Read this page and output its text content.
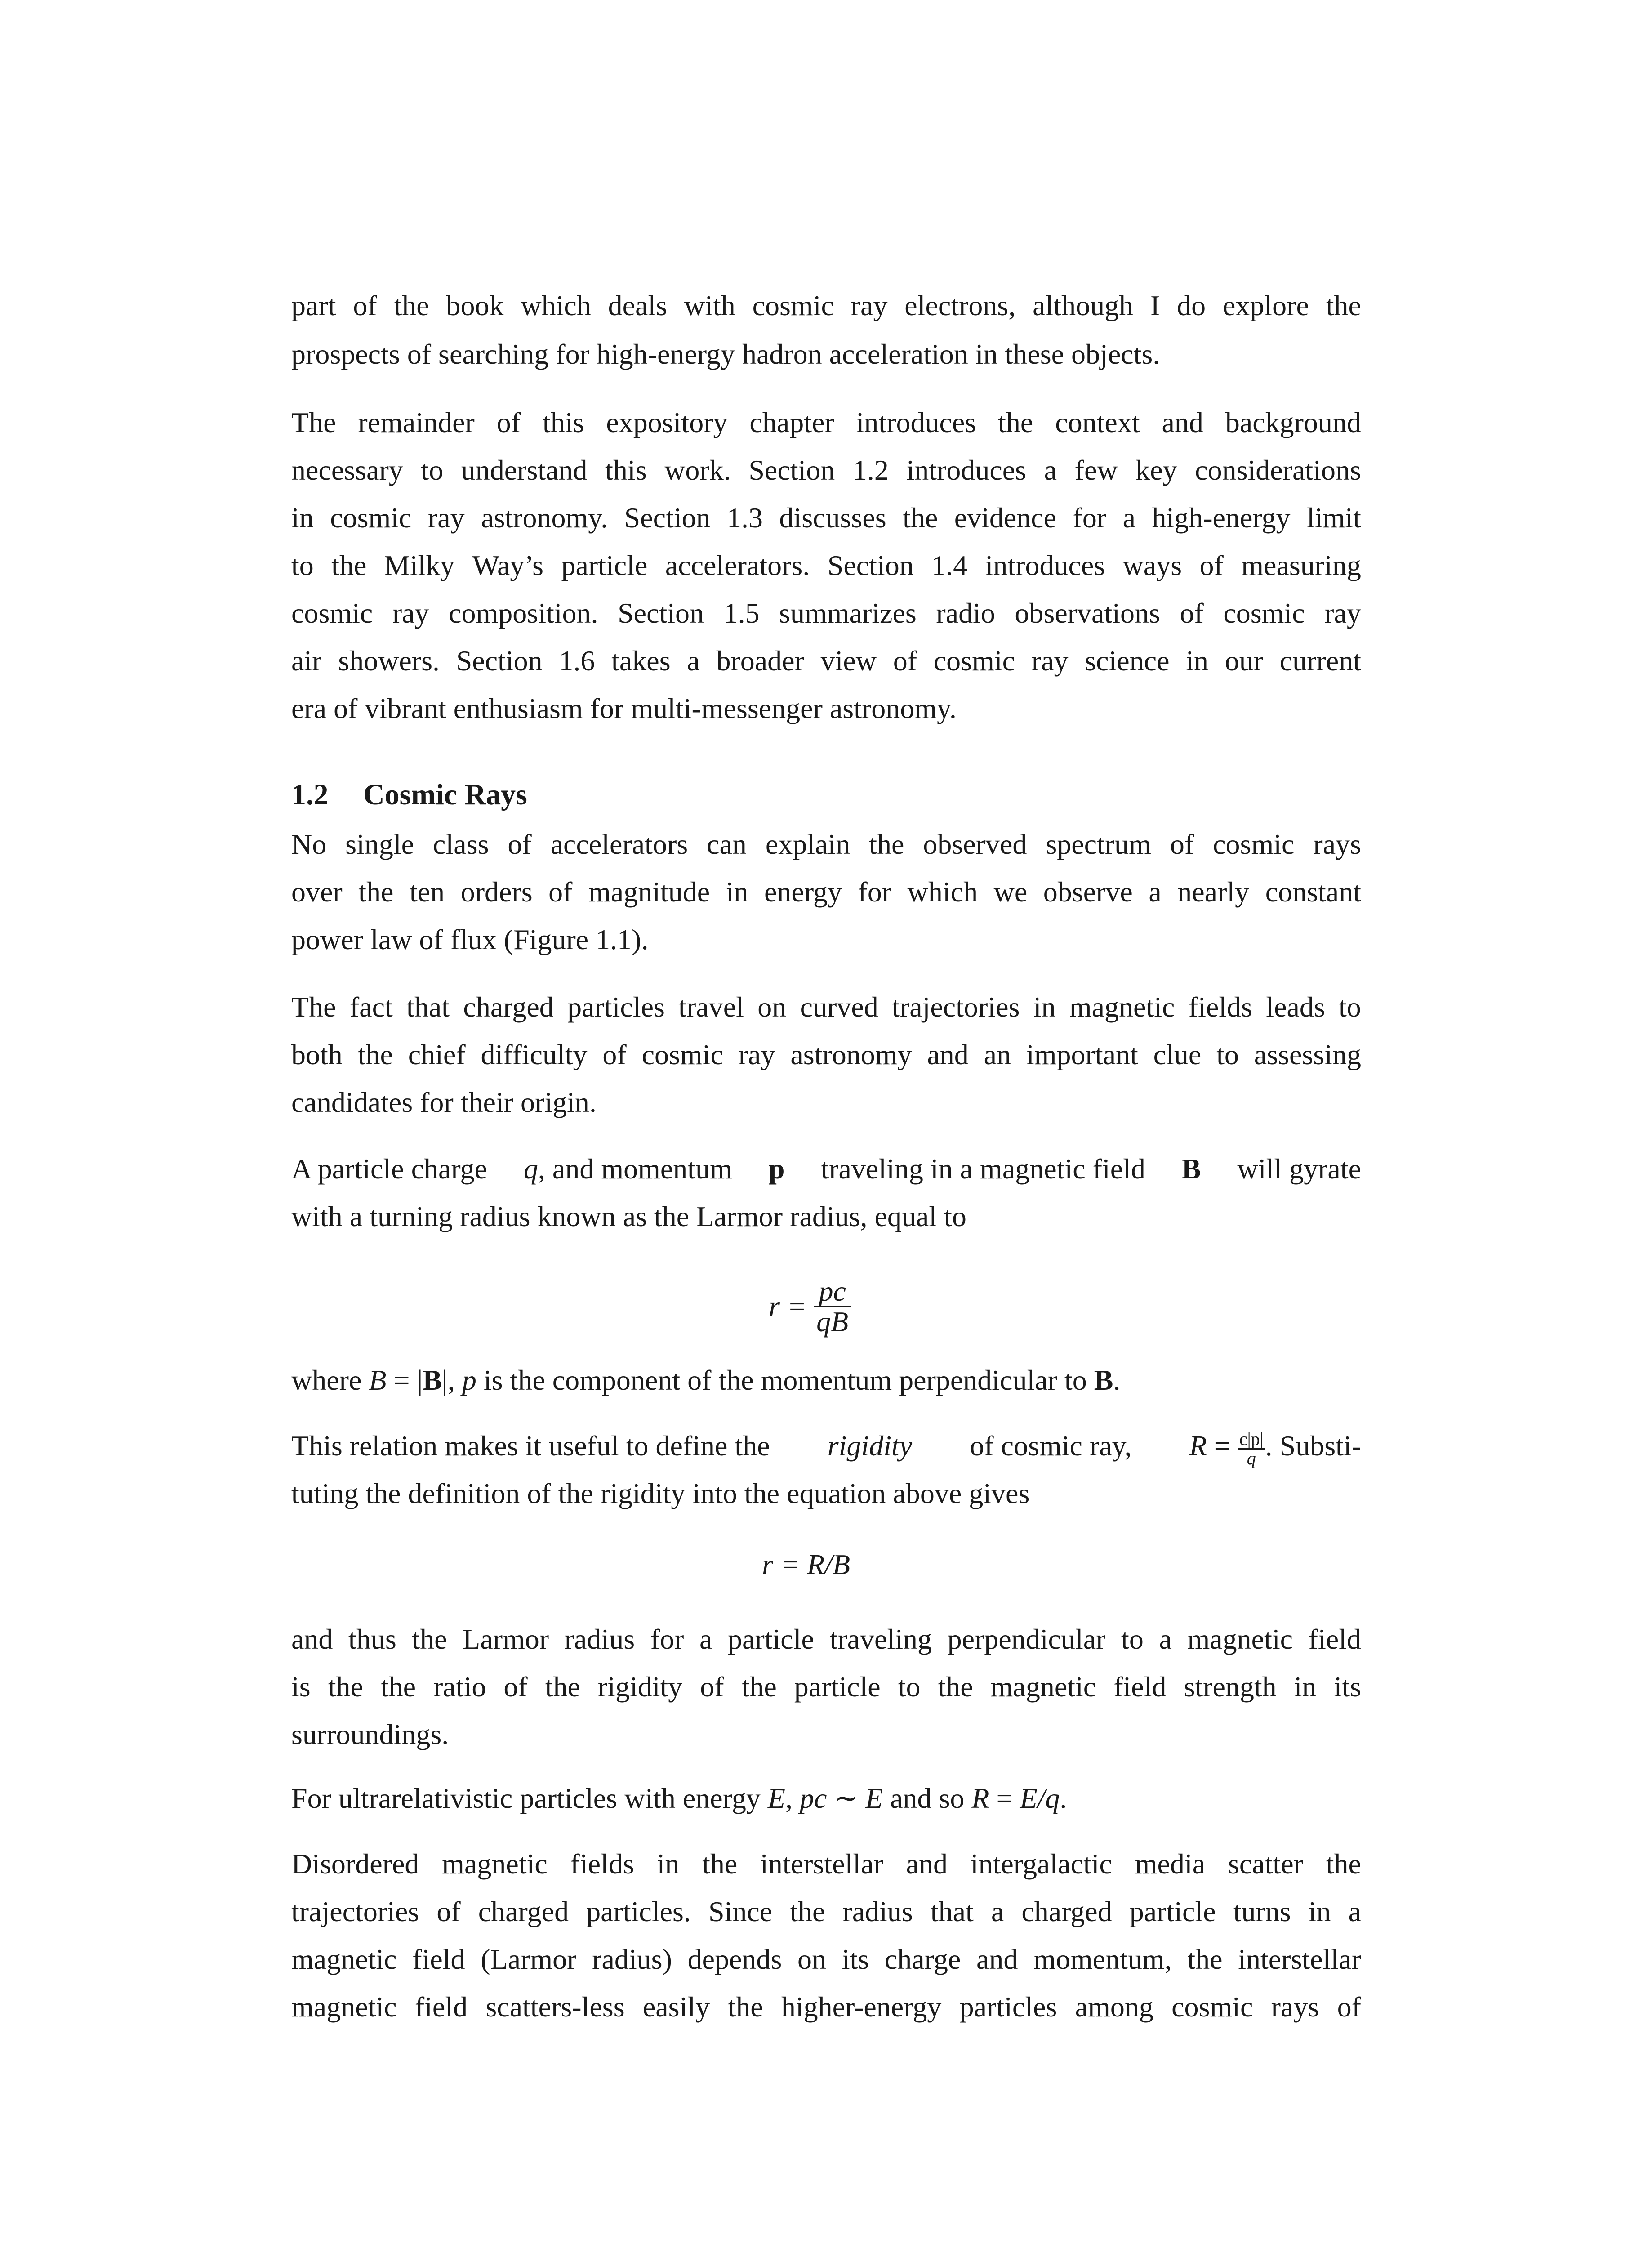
part of the book which deals with cosmic ray electrons, although I do explore the
prospects of searching for high-energy hadron acceleration in these objects.
The remainder of this expository chapter introduces the context and background
necessary to understand this work. Section 1.2 introduces a few key considerations
in cosmic ray astronomy. Section 1.3 discusses the evidence for a high-energy limit
to the Milky Way’s particle accelerators. Section 1.4 introduces ways of measuring
cosmic ray composition. Section 1.5 summarizes radio observations of cosmic ray
air showers. Section 1.6 takes a broader view of cosmic ray science in our current
era of vibrant enthusiasm for multi-messenger astronomy.
1.2 Cosmic Rays
No single class of accelerators can explain the observed spectrum of cosmic rays
over the ten orders of magnitude in energy for which we observe a nearly constant
power law of flux (Figure 1.1).
The fact that charged particles travel on curved trajectories in magnetic fields leads to
both the chief difficulty of cosmic ray astronomy and an important clue to assessing
candidates for their origin.
A particle charge q, and momentum p traveling in a magnetic field B will gyrate
with a turning radius known as the Larmor radius, equal to
$r = \frac{pc}{qB}$
where B = |B|, p is the component of the momentum perpendicular to B.
This relation makes it useful to define the rigidity of cosmic ray, $R = \frac{c|p|}{q}$ . Substi-
tuting the definition of the rigidity into the equation above gives
r = R/B
and thus the Larmor radius for a particle traveling perpendicular to a magnetic field
is the the ratio of the rigidity of the particle to the magnetic field strength in its
surroundings.
For ultrarelativistic particles with energy E, pc ∼ E and so R = E/q.
Disordered magnetic fields in the interstellar and intergalactic media scatter the
trajectories of charged particles. Since the radius that a charged particle turns in a
magnetic field (Larmor radius) depends on its charge and momentum, the interstellar
magnetic field scatters-less easily the higher-energy particles among cosmic rays of
